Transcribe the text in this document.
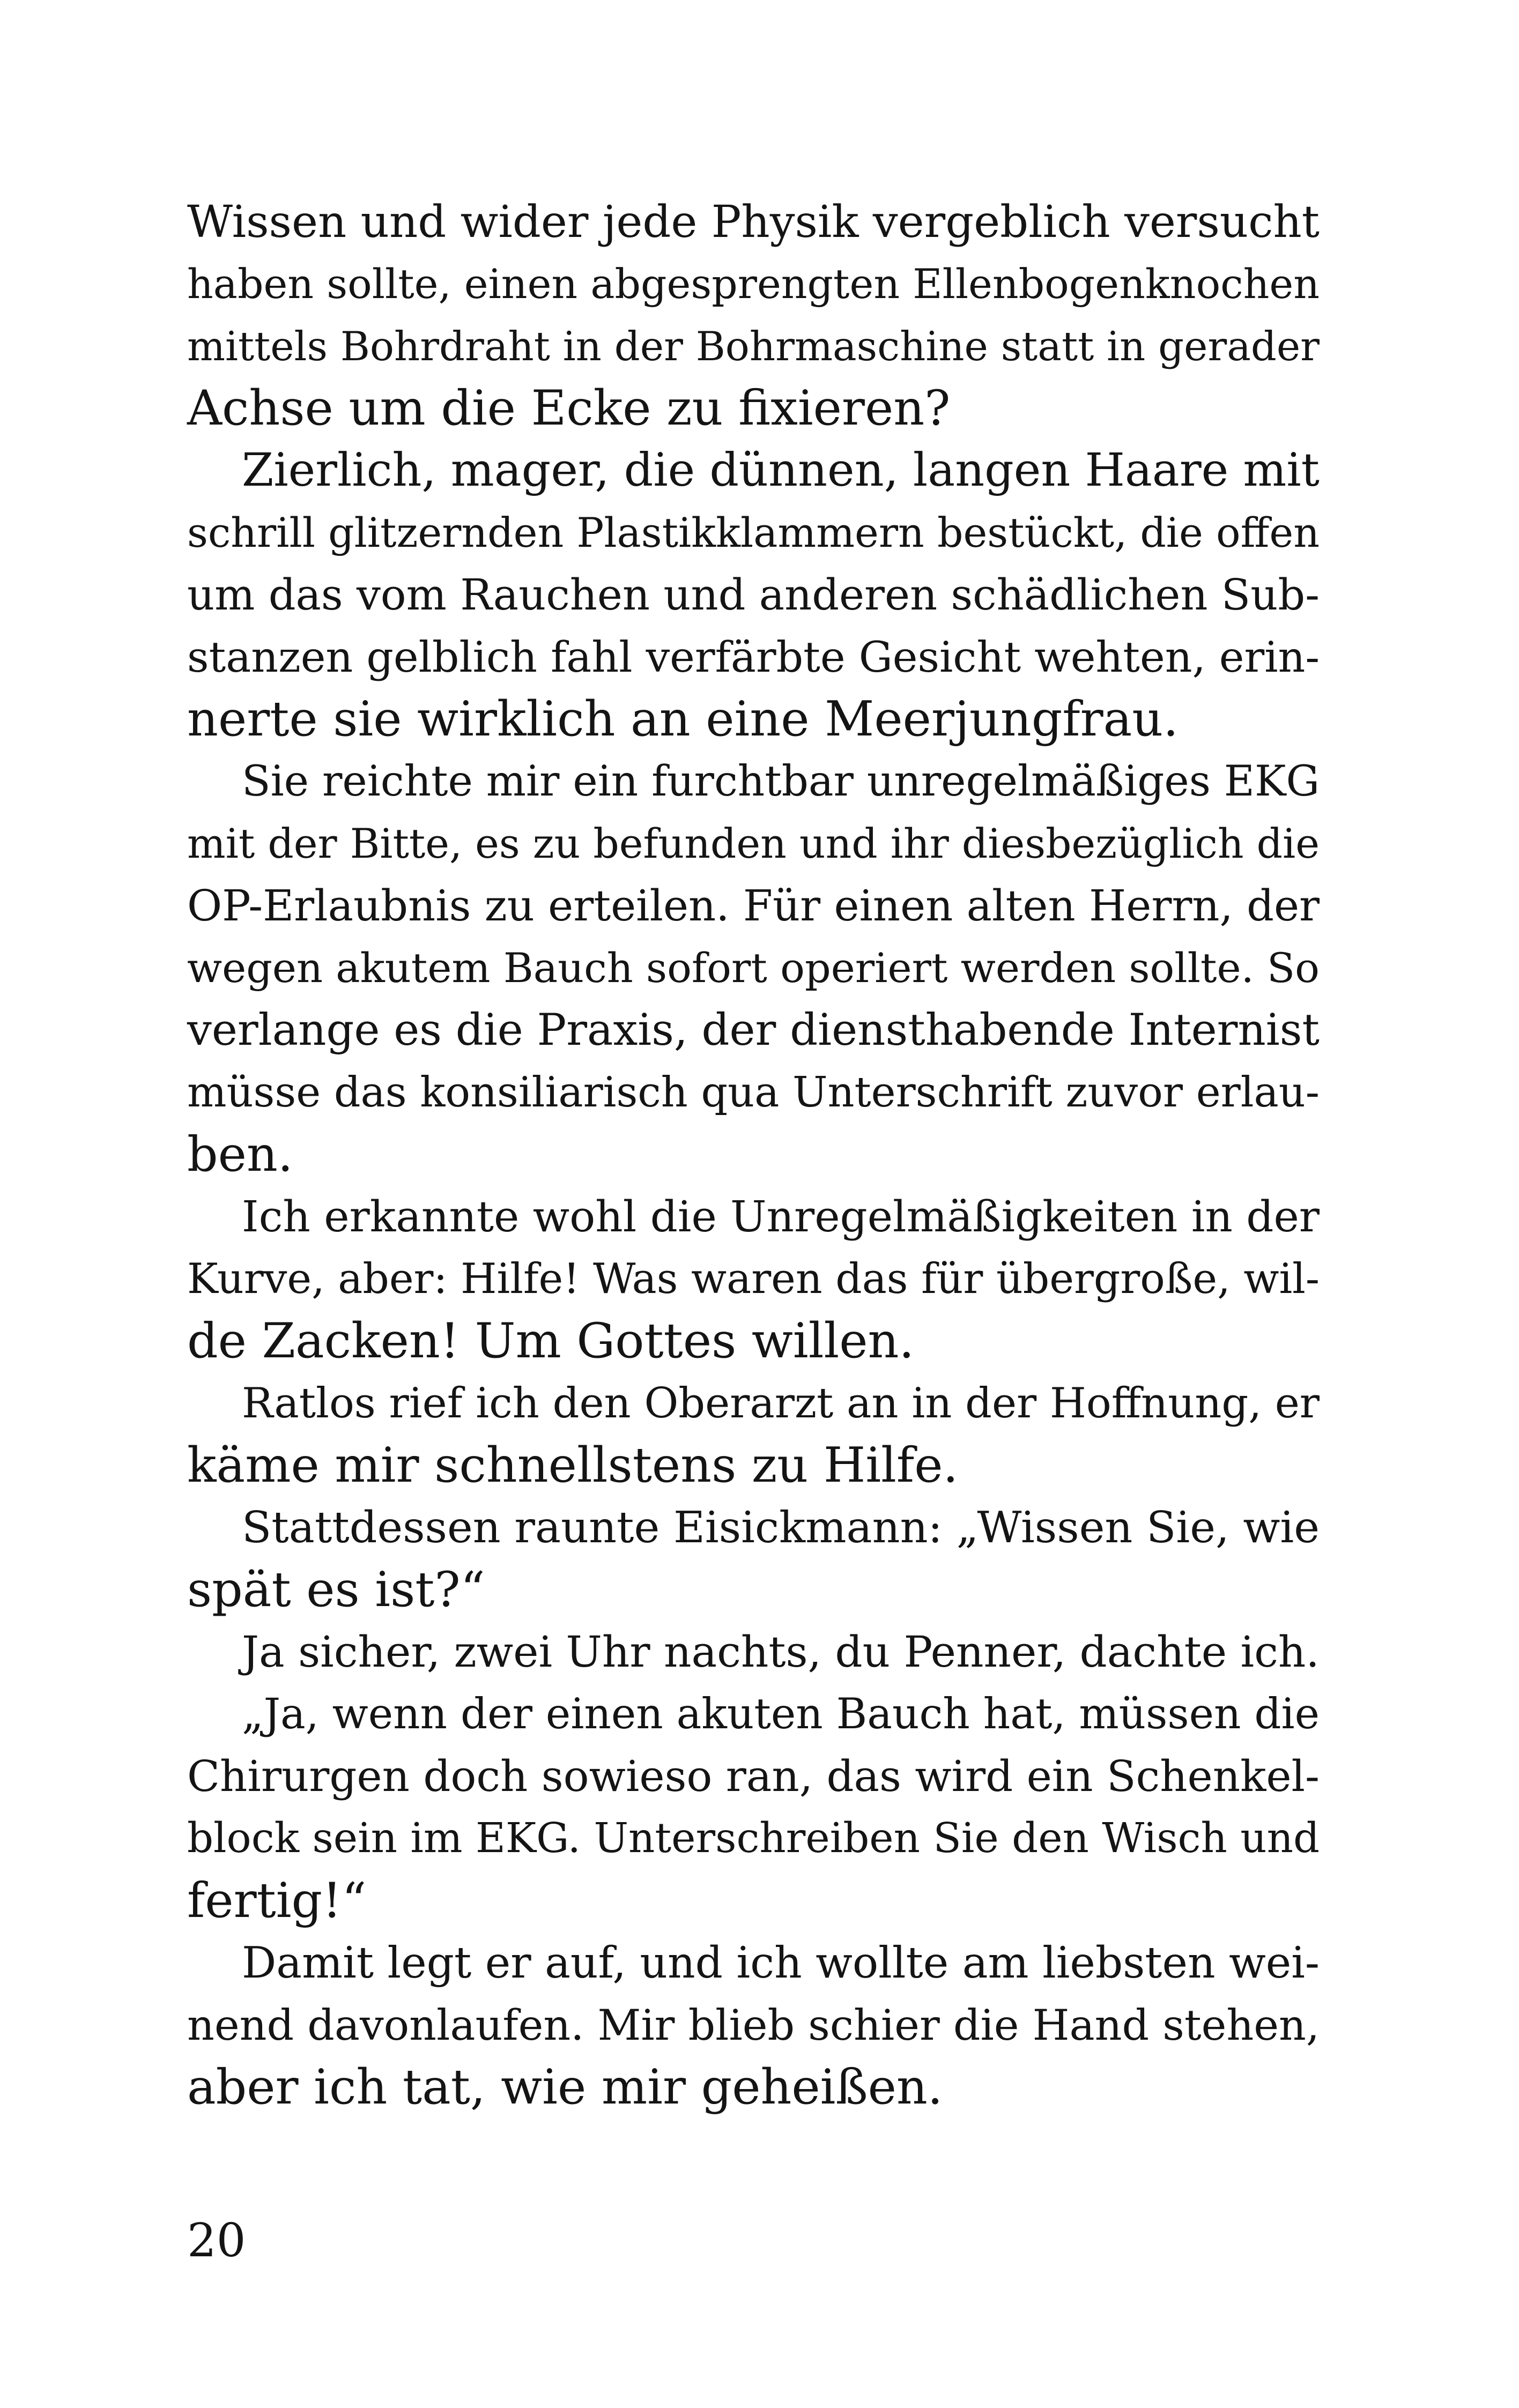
Wissen und wider jede Physik vergeblich versucht
haben sollte, einen abgesprengten Ellenbogenknochen
mittels Bohrdraht in der Bohrmaschine statt in gerader
Achse um die Ecke zu fixieren?
Zierlich, mager, die dünnen, langen Haare mit
schrill glitzernden Plastikklammern bestückt, die offen
um das vom Rauchen und anderen schädlichen Sub-
stanzen gelblich fahl verfärbte Gesicht wehten, erin-
nerte sie wirklich an eine Meerjungfrau.
Sie reichte mir ein furchtbar unregelmäßiges EKG
mit der Bitte, es zu befunden und ihr diesbezüglich die
OP-Erlaubnis zu erteilen. Für einen alten Herrn, der
wegen akutem Bauch sofort operiert werden sollte. So
verlange es die Praxis, der diensthabende Internist
müsse das konsiliarisch qua Unterschrift zuvor erlau-
ben.
Ich erkannte wohl die Unregelmäßigkeiten in der
Kurve, aber: Hilfe! Was waren das für übergroße, wil-
de Zacken! Um Gottes willen.
Ratlos rief ich den Oberarzt an in der Hoffnung, er
käme mir schnellstens zu Hilfe.
Stattdessen raunte Eisickmann: „Wissen Sie, wie
spät es ist?“
Ja sicher, zwei Uhr nachts, du Penner, dachte ich.
„Ja, wenn der einen akuten Bauch hat, müssen die
Chirurgen doch sowieso ran, das wird ein Schenkel-
block sein im EKG. Unterschreiben Sie den Wisch und
fertig!“
Damit legt er auf, und ich wollte am liebsten wei-
nend davonlaufen. Mir blieb schier die Hand stehen,
aber ich tat, wie mir geheißen.
20
